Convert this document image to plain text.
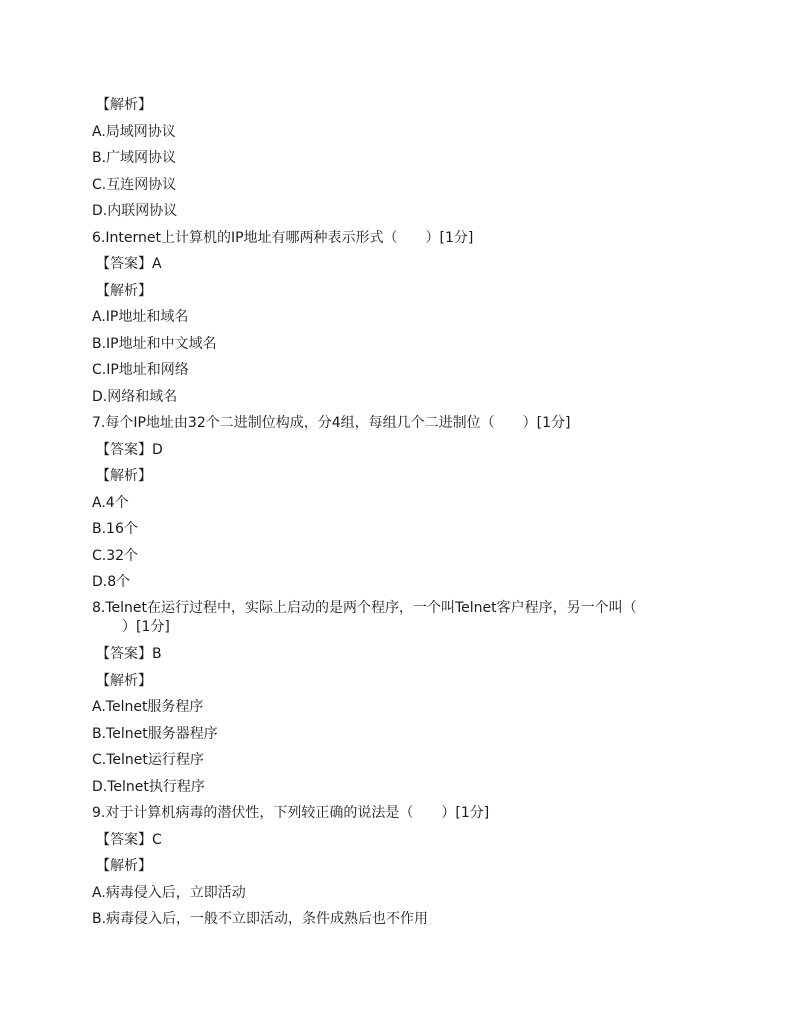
【解析】
A.局域网协议
B.广域网协议
C.互连网协议
D.内联网协议
6.Internet上计算机的IP地址有哪两种表示形式（　　）[1分]
【答案】A
【解析】
A.IP地址和域名
B.IP地址和中文域名
C.IP地址和网络
D.网络和域名
7.每个IP地址由32个二进制位构成，分4组，每组几个二进制位（　　）[1分]
【答案】D
【解析】
A.4个
B.16个
C.32个
D.8个
8.Telnet在运行过程中，实际上启动的是两个程序，一个叫Telnet客户程序，另一个叫（
）[1分]
【答案】B
【解析】
A.Telnet服务程序
B.Telnet服务器程序
C.Telnet运行程序
D.Telnet执行程序
9.对于计算机病毒的潜伏性，下列较正确的说法是（　　）[1分]
【答案】C
【解析】
A.病毒侵入后，立即活动
B.病毒侵入后，一般不立即活动，条件成熟后也不作用
